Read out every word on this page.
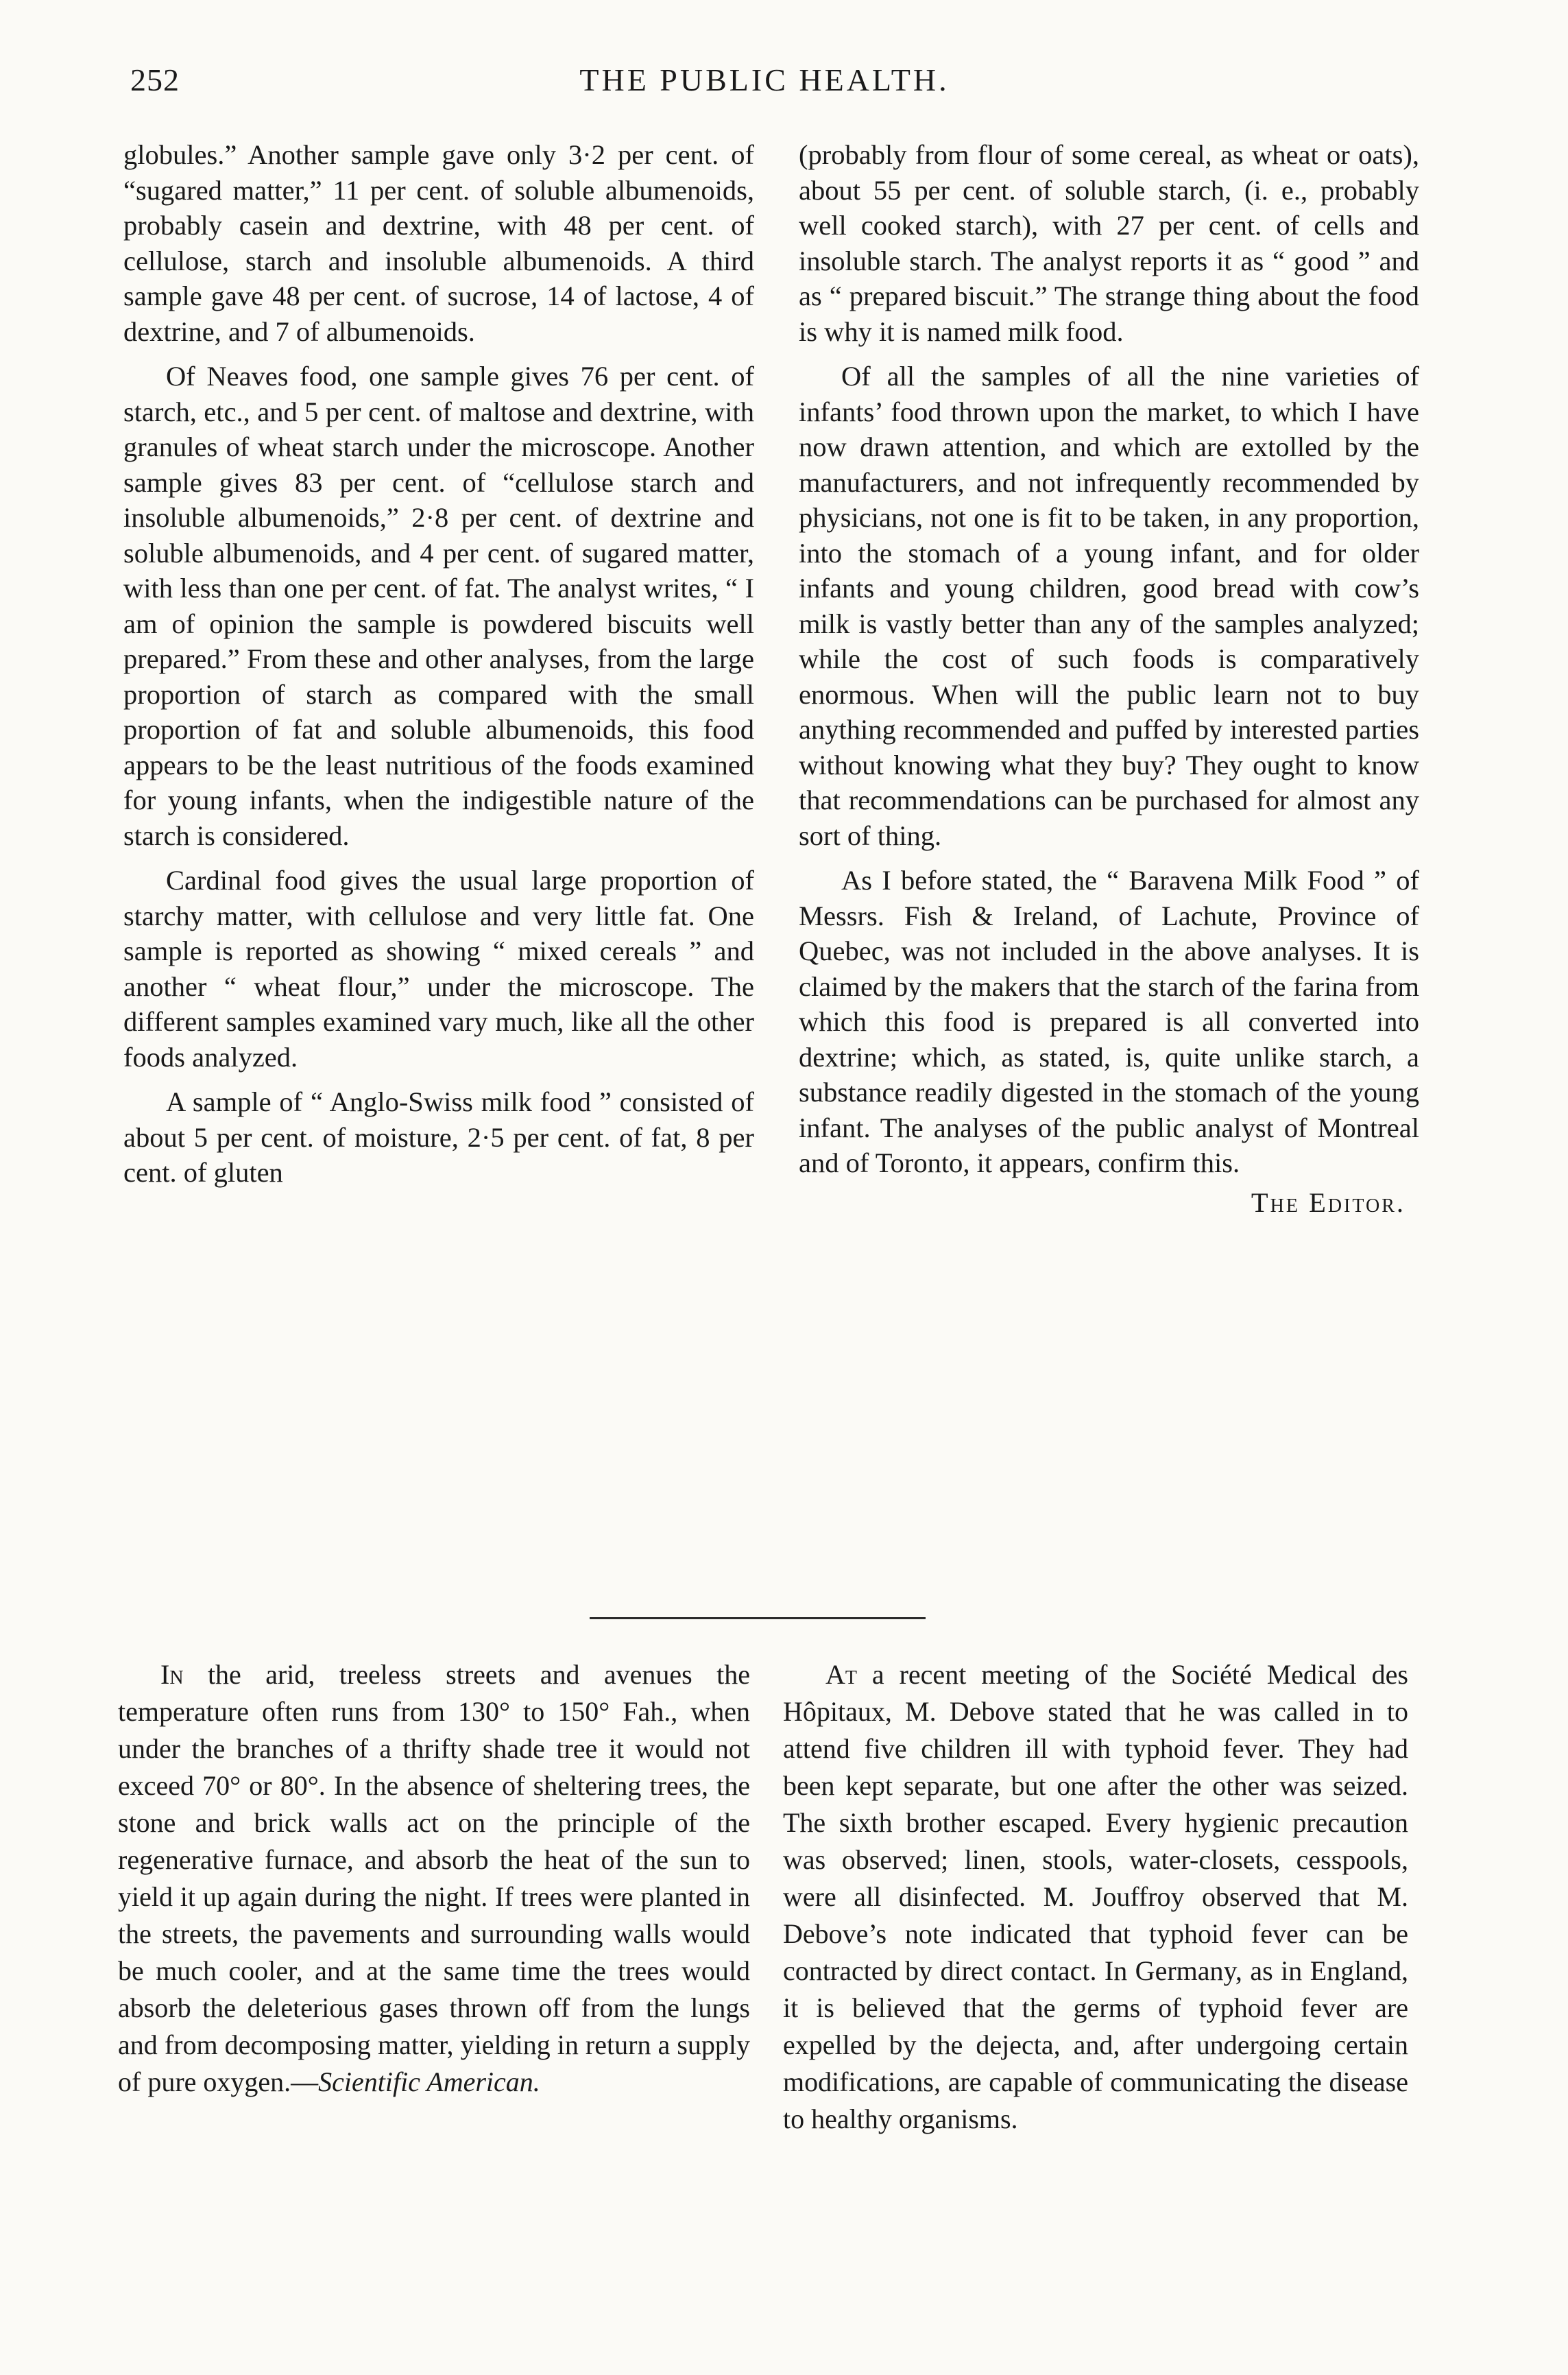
252	THE PUBLIC HEALTH.

globules.” Another sample gave only 3·2 per cent. of “sugared matter,” 11 per cent. of soluble albumenoids, probably casein and dextrine, with 48 per cent. of cellulose, starch and insoluble albumenoids. A third sample gave 48 per cent. of sucrose, 14 of lactose, 4 of dextrine, and 7 of albumenoids.

Of Neaves food, one sample gives 76 per cent. of starch, etc., and 5 per cent. of maltose and dextrine, with granules of wheat starch under the microscope. Another sample gives 83 per cent. of “cellulose starch and insoluble albumenoids,” 2·8 per cent. of dextrine and soluble albumenoids, and 4 per cent. of sugared matter, with less than one per cent. of fat. The analyst writes, “ I am of opinion the sample is powdered biscuits well prepared.” From these and other analyses, from the large proportion of starch as compared with the small proportion of fat and soluble albumenoids, this food appears to be the least nutritious of the foods examined for young infants, when the indigestible nature of the starch is considered.

Cardinal food gives the usual large proportion of starchy matter, with cellulose and very little fat. One sample is reported as showing “ mixed cereals ” and another “ wheat flour,” under the microscope. The different samples examined vary much, like all the other foods analyzed.

A sample of “ Anglo-Swiss milk food ” consisted of about 5 per cent. of moisture, 2·5 per cent. of fat, 8 per cent. of gluten

(probably from flour of some cereal, as wheat or oats), about 55 per cent. of soluble starch, (i. e., probably well cooked starch), with 27 per cent. of cells and insoluble starch. The analyst reports it as “ good ” and as “ prepared biscuit.” The strange thing about the food is why it is named milk food.

Of all the samples of all the nine varieties of infants’ food thrown upon the market, to which I have now drawn attention, and which are extolled by the manufacturers, and not infrequently recommended by physicians, not one is fit to be taken, in any proportion, into the stomach of a young infant, and for older infants and young children, good bread with cow’s milk is vastly better than any of the samples analyzed; while the cost of such foods is comparatively enormous. When will the public learn not to buy anything recommended and puffed by interested parties without knowing what they buy? They ought to know that recommendations can be purchased for almost any sort of thing.

As I before stated, the “ Baravena Milk Food ” of Messrs. Fish & Ireland, of Lachute, Province of Quebec, was not included in the above analyses. It is claimed by the makers that the starch of the farina from which this food is prepared is all converted into dextrine; which, as stated, is, quite unlike starch, a substance readily digested in the stomach of the young infant. The analyses of the public analyst of Montreal and of Toronto, it appears, confirm this.

The Editor.

In the arid, treeless streets and avenues the temperature often runs from 130° to 150° Fah., when under the branches of a thrifty shade tree it would not exceed 70° or 80°. In the absence of sheltering trees, the stone and brick walls act on the principle of the regenerative furnace, and absorb the heat of the sun to yield it up again during the night. If trees were planted in the streets, the pavements and surrounding walls would be much cooler, and at the same time the trees would absorb the deleterious gases thrown off from the lungs and from decomposing matter, yielding in return a supply of pure oxygen.—Scientific American.

At a recent meeting of the Société Medical des Hôpitaux, M. Debove stated that he was called in to attend five children ill with typhoid fever. They had been kept separate, but one after the other was seized. The sixth brother escaped. Every hygienic precaution was observed; linen, stools, water-closets, cesspools, were all disinfected. M. Jouffroy observed that M. Debove’s note indicated that typhoid fever can be contracted by direct contact. In Germany, as in England, it is believed that the germs of typhoid fever are expelled by the dejecta, and, after undergoing certain modifications, are capable of communicating the disease to healthy organisms.
